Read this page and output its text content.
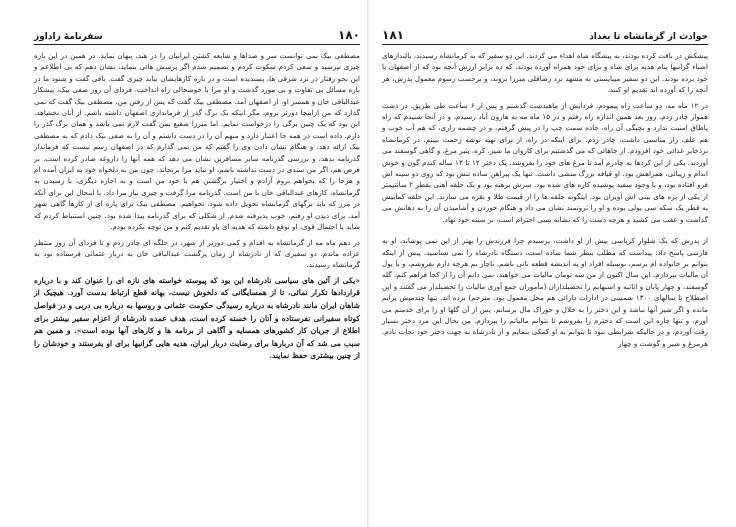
سفرنامهٔ زاداوز	۱۸۰

مصطفی بیک نمی توانست سر و صداها و شایعه کشتن ایرانیان را در هند، پنهان نماید. در همین در این باره چیزی نپرسید و سعی کردم سکوت کردم و تصمیم شدم اگر پرسش هائی بنماید، نشان دهم که بی اطلاعم و این نحو رفتار در نزد شرقی ها، پسندیده است و در باره کارهایشان نباید چیزی گفت. باقی گفت و شنود ما در باره مسائل بی تفاوت و بی مورد گذشت و او مرا با خوشحالی راه انداخت، فردای آن روز صفی بیک، پیشکار عبدالباقی خان و همسر او، از اصفهان آمد. مصطفی بیک گفت که پس از رفتن من، مصطفی بیک گفت که نمی گذارد که من ازاینجا دورتر بروم، مگر اینکه یک برگ گذر از فرمانداری اصفهان داشته باشم. از آنان نخشاهد، این بود که یک چنین برگی را درخواست نمایم. اما میرزا شفیع بمن گفت لازم نمی باشد و همان برگ گذر را دارم. داده است در همه جا اعتبار دارد و منهم آن را در دست داشتم و آن را به صفی بیک دادم که به مصطفی بیک ارائه دهد، و هنگام نشان دادن وی را گفتم که من نمی گذارم که در اصفهان رسم نیست که فرماندار گذرنامه بدهد، و بررسی گذرنامه سایر مسافرین نشان می دهد که همه آنها را داروغه صادر کرده است. بر فرض هم، اگر من سندی در دست نداشته باشم، او نباید مرا برنجاند، چون من به دلخواه خود به ایران آمده ام و هرجا را که بخواهم بروم آزادم و اختیار برگشتن هم با خود من است و به اجازه دیگری، با رسیدن به گرمانشاه، کارهای عبدالباقی خان با من است. گذرنامه مرا گرفت و چیزی نیاز مرا داد. با اینحال این برای آنکه در مرز که باید برگهای گرمانشاه تحویل داده شود، نخواهیم. مصطفی بیک برای پاره ای از کارها گاهی شهر آمد. برای دیدن او رفتم، خوب پذیرفته شدم. از شکلی که برای گذرنامه پیدا شده بود، چنین استنباط کردم که شاید یا احتمال قوی، او توقع داشته که هدیه ای باو تقدیم کنم و من توجه نکرده بودم.

در دهم ماه مه از گرمانشاه به اقدام و کمی دورتر از شهر، در جلگه ای چادر زدم و تا فردای آن روز منتظر عزاده ماندم. دو سفیری که از نادرشاه از زمان پرگشت عبدالباقی خان به دربار عثمانی فرستاده بود به گرمانشاه رسیدند.

«یکی از آئین های سیاسی نادرشاه این بود که پیوسته خواسته های نازه ای را عنوان کند و با درباره قراردادها تکرار نمائی، تا از همسایگانی که دلخوش نیست، بهانه قطع ارتباط بدست آورد. هیچیک از شاهان ایران مانند نادرشاه به درباره رسیدگی حکومت عثمانی و روسها به درباره بی دربی و در فواصل کوتاه سفیرانی نفرستاده و آنان را خسته کرده است، هدف عمده نادرشاه از اعزام سفیر بیشتر برای اطلاع از جریان کار کشورهای همسایه و آگاهی از برنامه ها و کارهای آنها بوده است». و همین هم سبب می شد که آن دربارها برای رضایت دربار ایران، هدیه هایی گرانبها برای او بفرستند و خودشان را از چنین بیشتری حفظ نمایند.

۱۸۱	حوادث از گرمانشاه تا بغداد

پیشکش در بافت کرده بودند، به پیشگاه شاه اهداء می کردند. این دو سفیر که به کرمانشاه رسیدند، بالندازهای اشیاء گرانبها پنام هدیه برای شاه و برای خود همراه آورده بودند، که ده برابر ارزش آنچه بود که از اصفهان با خود برده بودند. این دو سفیر میبایستی به مشهد نزد رضاقلی میرزا بروند، و برحسب رسوم معمول پدرش، هر آنچه را که آورده اند تقدیم او کنند.

در ۱۲ ماه مه، دو ساعت راه پیمودم. فردایش از ماهیدشت گذشتم و پس از ۶ ساعت طی طریق، در دشت هموار چادر زدم. روز بعد همین اندازه راه رفتم و در ۱۵ ماه مه به هارون آباد رسیدم، و در آنجا شنیدم که راه پاطاق امنیت ندارد و بچیگی آن راه، جاده سمت چپ را در پیش گرفتم، و در چشمه زاری، که هم آب خوب و هم علف زار مناسبی داشت، چادر زدم. برای اینکه در راه، از برای تهیه توشه زحمت نبینم، در کرمانشاه برذخایر غذائی خود افزودم. از جاهائی که می گذشتیم برای کاروان ما شیر، کره، پنیر مرغ، و گاهی گوسفند می آوردند. یکی از این کردها به چادرم آمد تا مرغ های خود را بفروشد. یک دختر ۱۲ تا ۱۳ ساله کندم گون و خوش اندام و زیبائی، همراهش بود. او قیافه بزرگ منشی داشت. تنها یک پیراهن ساده تنش بود که روی دو سینه اش فرو افتاده بود، و با وجود سفید پوشیده کاره های شده بود. سرش برهنه بود و یک حلقه آهنی بقطر ۲ سانتیمتر از یکی از پره های بینی اش آویزان بود. اینگونه حلقه ها را از قیمت طلا و نقره می سازند. این حلقه کمابیش به قطر یک سکه سی پولی بوده و او را ثروتمند نشان می داد و هنگام خوردن و آشامیدن آن را به دهانش می گذاشت و عقب می کشید و هرچه دست را که نشانه بسی احترام است، بر سینه خود نهاد.

از پدرش که یک شلوار کرباسی بیش از او داشت، پرسیدم چرا فرزندش را بهتر از این نمی پوشاند، او به فارسی پاسخ داد: پیداست که مطلب بنظر شما ساده است، دستگاه نادرشاه را نمی شناسید. پیش از اینکه بتوانم بر خانواده ام برسم، بوسیله افراد او به اندیشه قطعه نانی باشم. ناچار بم هرچه دارم بفروشم، و با پول آن مالیات بپردازم. این سال اکنون از من سه تومان مالیات می خواهند، نمی دانم آن را از کجا فراهم کنم. گله گوسفند، و چهار پابان و اثاثیه و اسبهایم را تحصیلداران (مأموران جمع آوری مالیات را تحصیلدار می گفتند و این اصطلاح تا سالهای ۱۳۰۰ شمسی در ادارات دارائی هم محل معمول بود. مترجم) برده اند. تنها چندمیش برایم مانده و اگر شیر آنها نباشد و این دختر را به حلال و خوراک مال برسانم، پس از آن گلها او را برای خدمتم می آورم، و تنها چاره این است که دخترم را بفروشم تا بتوانم مالیاتم را بپردازم. من بحال این مرد دختر بسیار رقت آوردم، و در حالیکه شرایطی نبود تا بتوانم به او کمکی بنمایم و از نادرشاه به جهت دختر خود تجات نادم. هرمرغ و شیر و گوشت و چهار
